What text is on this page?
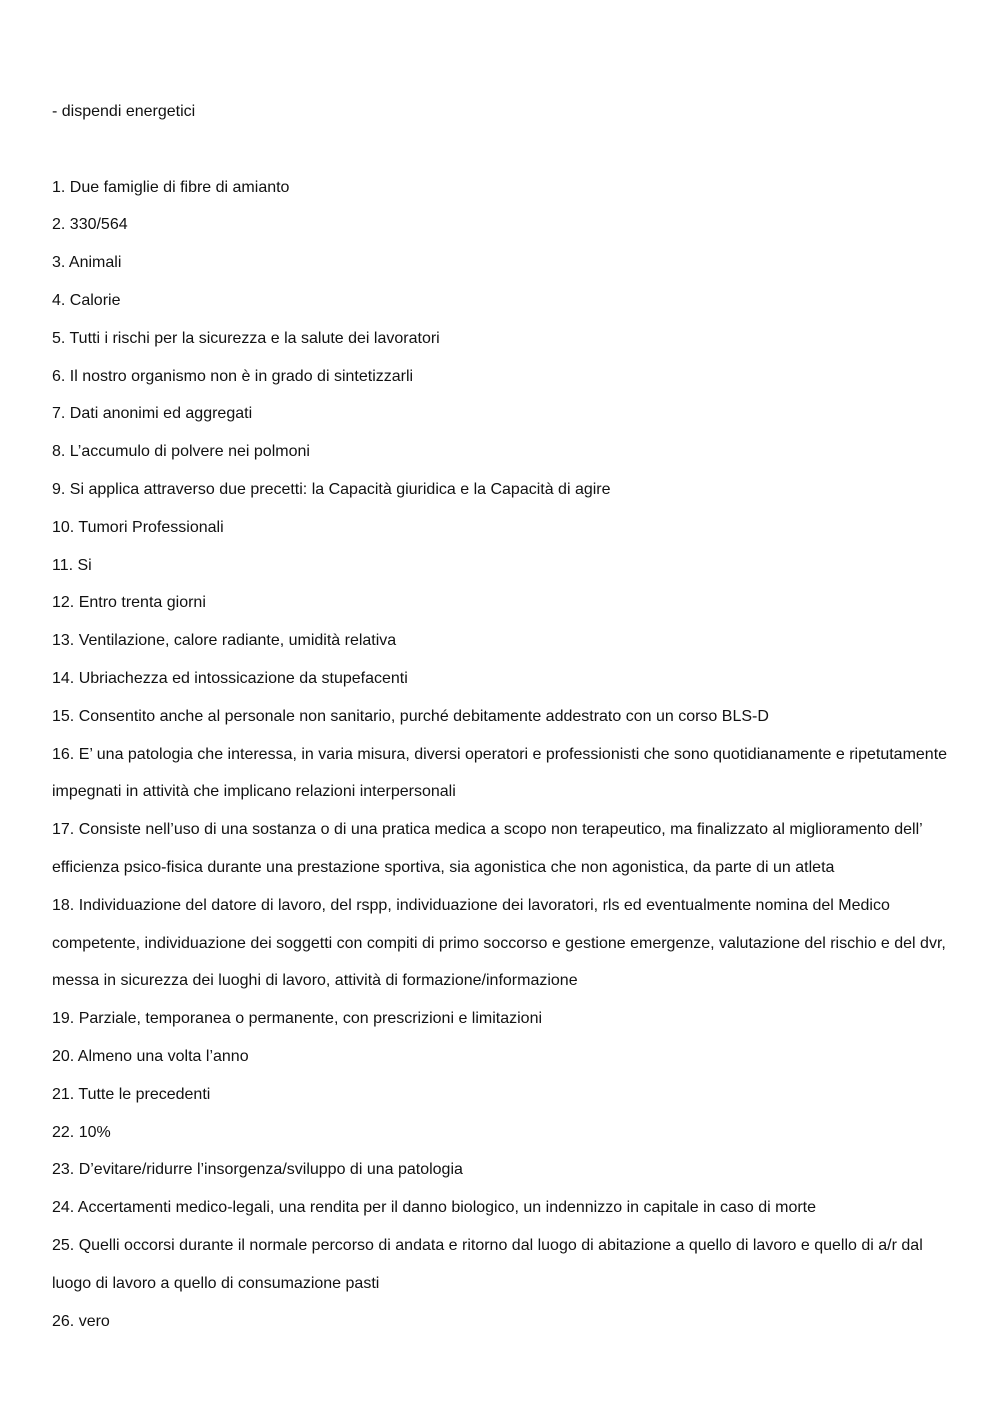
- dispendi energetici

1. Due famiglie di fibre di amianto

2. 330/564

3. Animali

4. Calorie

5. Tutti i rischi per la sicurezza e la salute dei lavoratori

6. Il nostro organismo non è in grado di sintetizzarli

7. Dati anonimi ed aggregati

8. L’accumulo di polvere nei polmoni

9. Si applica attraverso due precetti: la Capacità giuridica e la Capacità di agire

10. Tumori Professionali

11. Si

12. Entro trenta giorni

13. Ventilazione, calore radiante, umidità relativa

14. Ubriachezza ed intossicazione da stupefacenti

15. Consentito anche al personale non sanitario, purché debitamente addestrato con un corso BLS-D

16. E’ una patologia che interessa, in varia misura, diversi operatori e professionisti che sono quotidianamente e ripetutamente impegnati in attività che implicano relazioni interpersonali

17. Consiste nell’uso di una sostanza o di una pratica medica a scopo non terapeutico, ma finalizzato al miglioramento dell’ efficienza psico-fisica durante una prestazione sportiva, sia agonistica che non agonistica, da parte di un atleta

18. Individuazione del datore di lavoro, del rspp, individuazione dei lavoratori, rls ed eventualmente nomina del Medico competente, individuazione dei soggetti con compiti di primo soccorso e gestione emergenze, valutazione del rischio e del dvr, messa in sicurezza dei luoghi di lavoro, attività di formazione/informazione

19. Parziale, temporanea o permanente, con prescrizioni e limitazioni

20. Almeno una volta l’anno

21. Tutte le precedenti

22. 10%

23. D’evitare/ridurre l’insorgenza/sviluppo di una patologia

24. Accertamenti medico-legali, una rendita per il danno biologico, un indennizzo in capitale in caso di morte

25. Quelli occorsi durante il normale percorso di andata e ritorno dal luogo di abitazione a quello di lavoro e quello di a/r dal luogo di lavoro a quello di consumazione pasti

26. vero
